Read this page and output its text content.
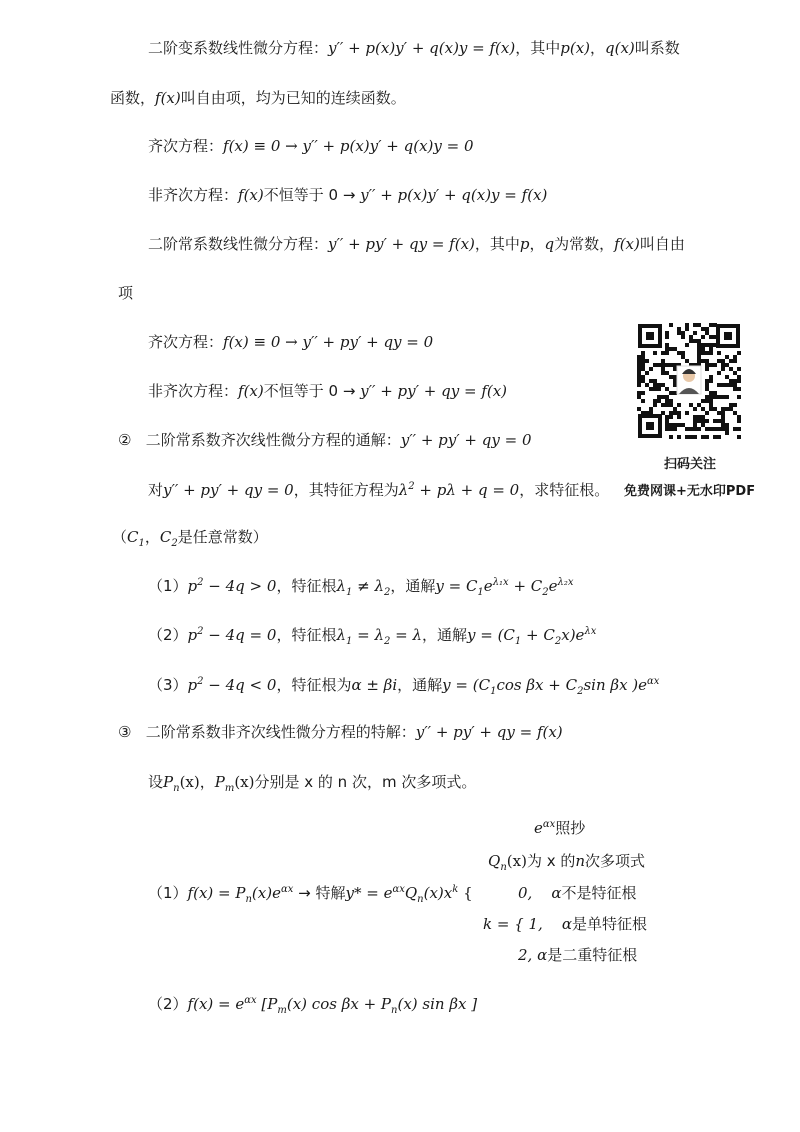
二阶变系数线性微分方程：y′′ + p(x)y′ + q(x)y = f(x)，其中p(x)，q(x)叫系数
函数，f(x)叫自由项，均为已知的连续函数。
齐次方程：f(x) ≡ 0 → y′′ + p(x)y′ + q(x)y = 0
非齐次方程：f(x)不恒等于 0 → y′′ + p(x)y′ + q(x)y = f(x)
二阶常系数线性微分方程：y′′ + py′ + qy = f(x)，其中p，q为常数，f(x)叫自由
项
齐次方程：f(x) ≡ 0 → y′′ + py′ + qy = 0
非齐次方程：f(x)不恒等于 0 → y′′ + py′ + qy = f(x)
扫码关注
免费网课+无水印PDF
② 二阶常系数齐次线性微分方程的通解：y′′ + py′ + qy = 0
对y′′ + py′ + qy = 0，其特征方程为$\lambda^2 + p\lambda + q = 0$，求特征根。
（$C_1$，$C_2$是任意常数）
$(1)p^2 - 4q > 0$，特征根$\lambda_1 \ne \lambda_2$，通解$y = C_1e^{\lambda_1x} + C_2e^{\lambda_2x}$
$(2)p^2 - 4q = 0$，特征根$\lambda_1 = \lambda_2 = \lambda$，通解$y = (C_1 + C_2x)e^{\lambda x}$
$(3)p^2 - 4q < 0$，特征根为α ± βi，通解$y = (C_1\cos$ $\beta x + C_2\sin$ βx )$e^{\alpha x}$
③ 二阶常系数非齐次线性微分方程的特解：y′′ + py′ + qy = f(x)
设$P_n(x)$，$P_m(x)$分别是 x 的 n 次，m 次多项式。
$e^{\alpha x}$照抄
$Q_n(x)$为 x 的n次多项式
$(1)f(x) = P_n(x)e^{\alpha x}$ → 特解$y* = e^{\alpha x}Q_n(x)x^k$ {	0, α不是特征根
k = { 1, α是单特征根
2, α是二重特征根
$(2)f(x) = e^{\alpha x}$ [$P_m(x)$ $\cos \beta x + P_n(x)$ sin βx ]
